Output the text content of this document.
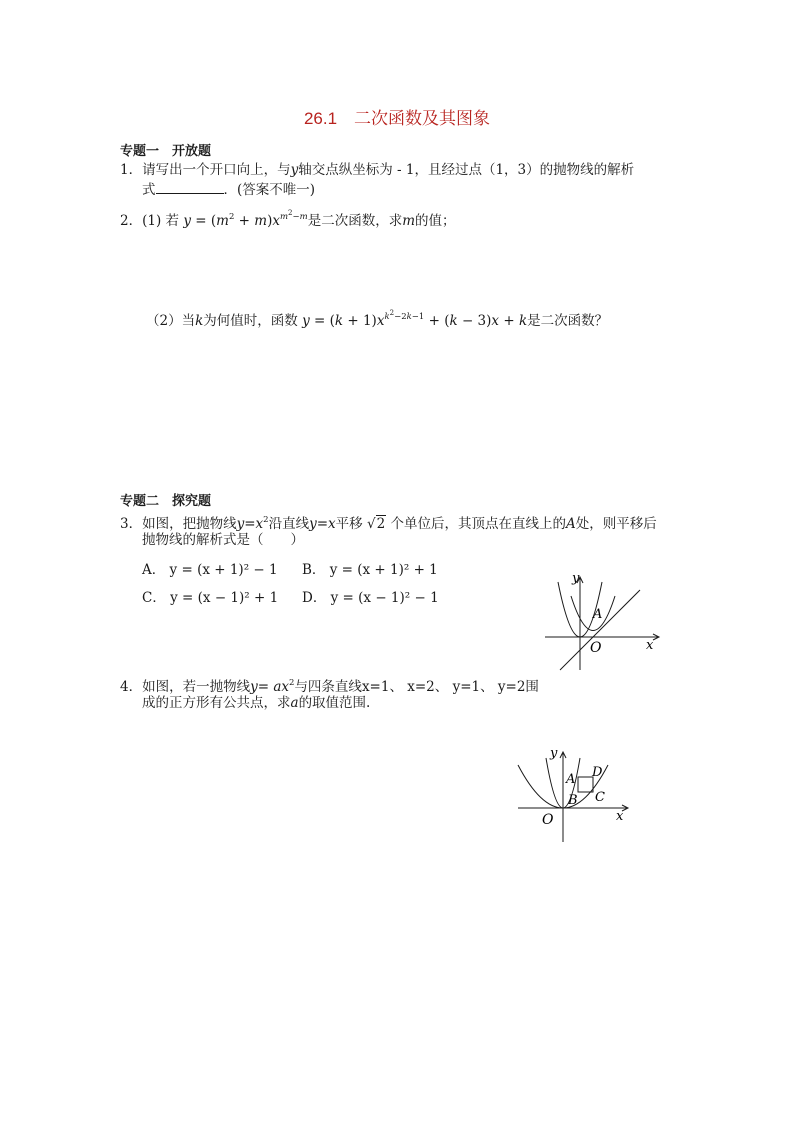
26.1　二次函数及其图象
专题一　开放题
1．请写出一个开口向上，与y轴交点纵坐标为 - 1，且经过点（1，3）的抛物线的解析
式	．(答案不唯一)
2．(1) 若 $y = (m^2 + m)x^{m^2-m}$是二次函数，求m的值；
（2）当k为何值时，函数 $y = (k + 1)x^{k^2-2k-1} + (k - 3)x + k$是二次函数？
专题二　探究题
3．如图，把抛物线$y=x^2$沿直线y=x平移 √2 个单位后，其顶点在直线上的A处，则平移后
抛物线的解析式是（　　）
A． y = (x + 1)² − 1 B． y = (x + 1)² + 1
C． y = (x − 1)² + 1 D． y = (x − 1)² − 1
y
x
O
A
4．如图，若一抛物线$y= ax^2$与四条直线x=1、 x=2、 y=1、 y=2围
成的正方形有公共点，求a的取值范围.
y
x
O
A
B C
D
